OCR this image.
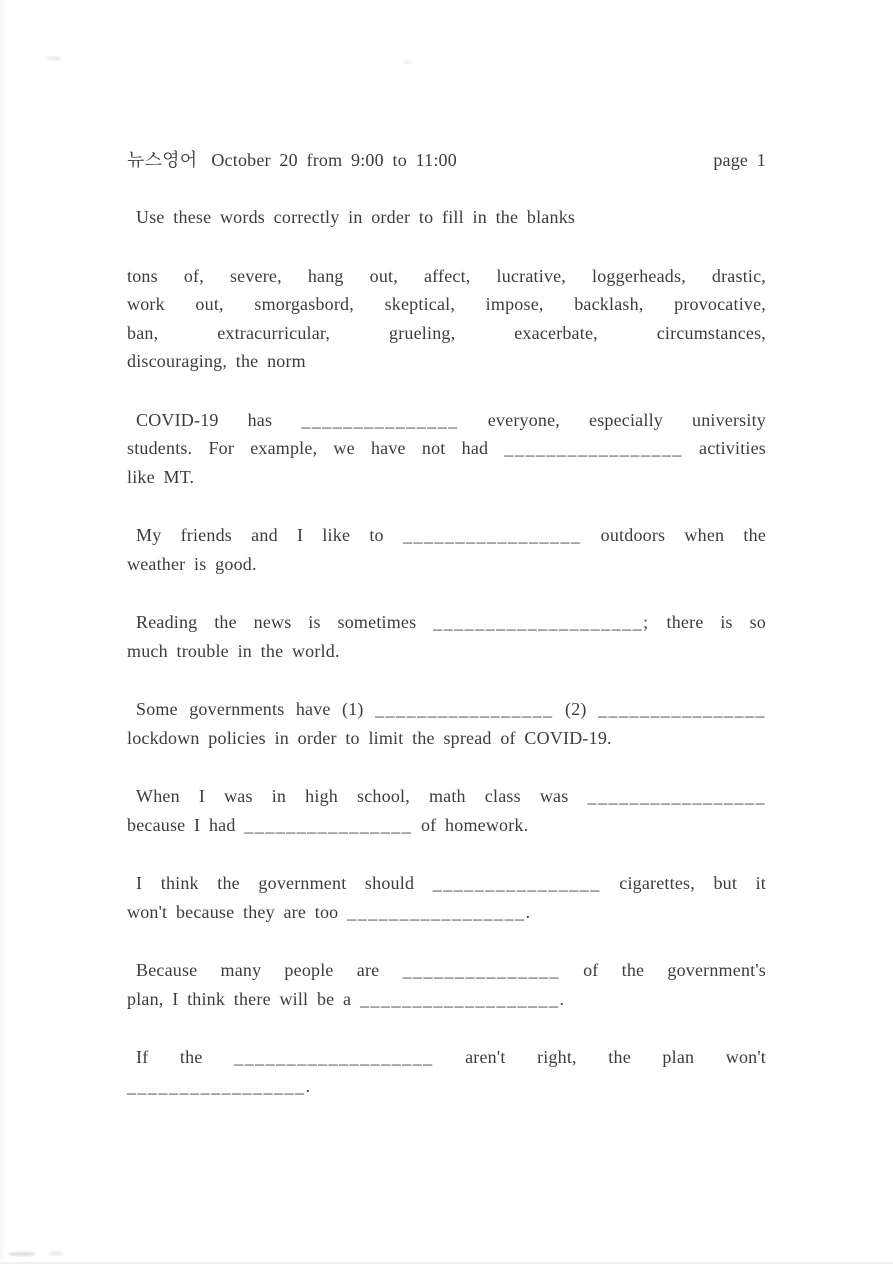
뉴스영어 October 20 from 9:00 to 11:00	page 1
Use these words correctly in order to fill in the blanks
tons of, severe, hang out, affect, lucrative, loggerheads, drastic,
work out, smorgasbord, skeptical, impose, backlash, provocative,
ban, extracurricular, grueling, exacerbate, circumstances,
discouraging, the norm
COVID-19 has _______________ everyone, especially university
students. For example, we have not had _________________ activities
like MT.
My friends and I like to _________________ outdoors when the
weather is good.
Reading the news is sometimes ____________________; there is so
much trouble in the world.
Some governments have (1) _________________ (2) ________________
lockdown policies in order to limit the spread of COVID-19.
When I was in high school, math class was _________________
because I had ________________ of homework.
I think the government should ________________ cigarettes, but it
won't because they are too _________________.
Because many people are _______________ of the government's
plan, I think there will be a ___________________.
If the ___________________ aren't right, the plan won't
_________________.
